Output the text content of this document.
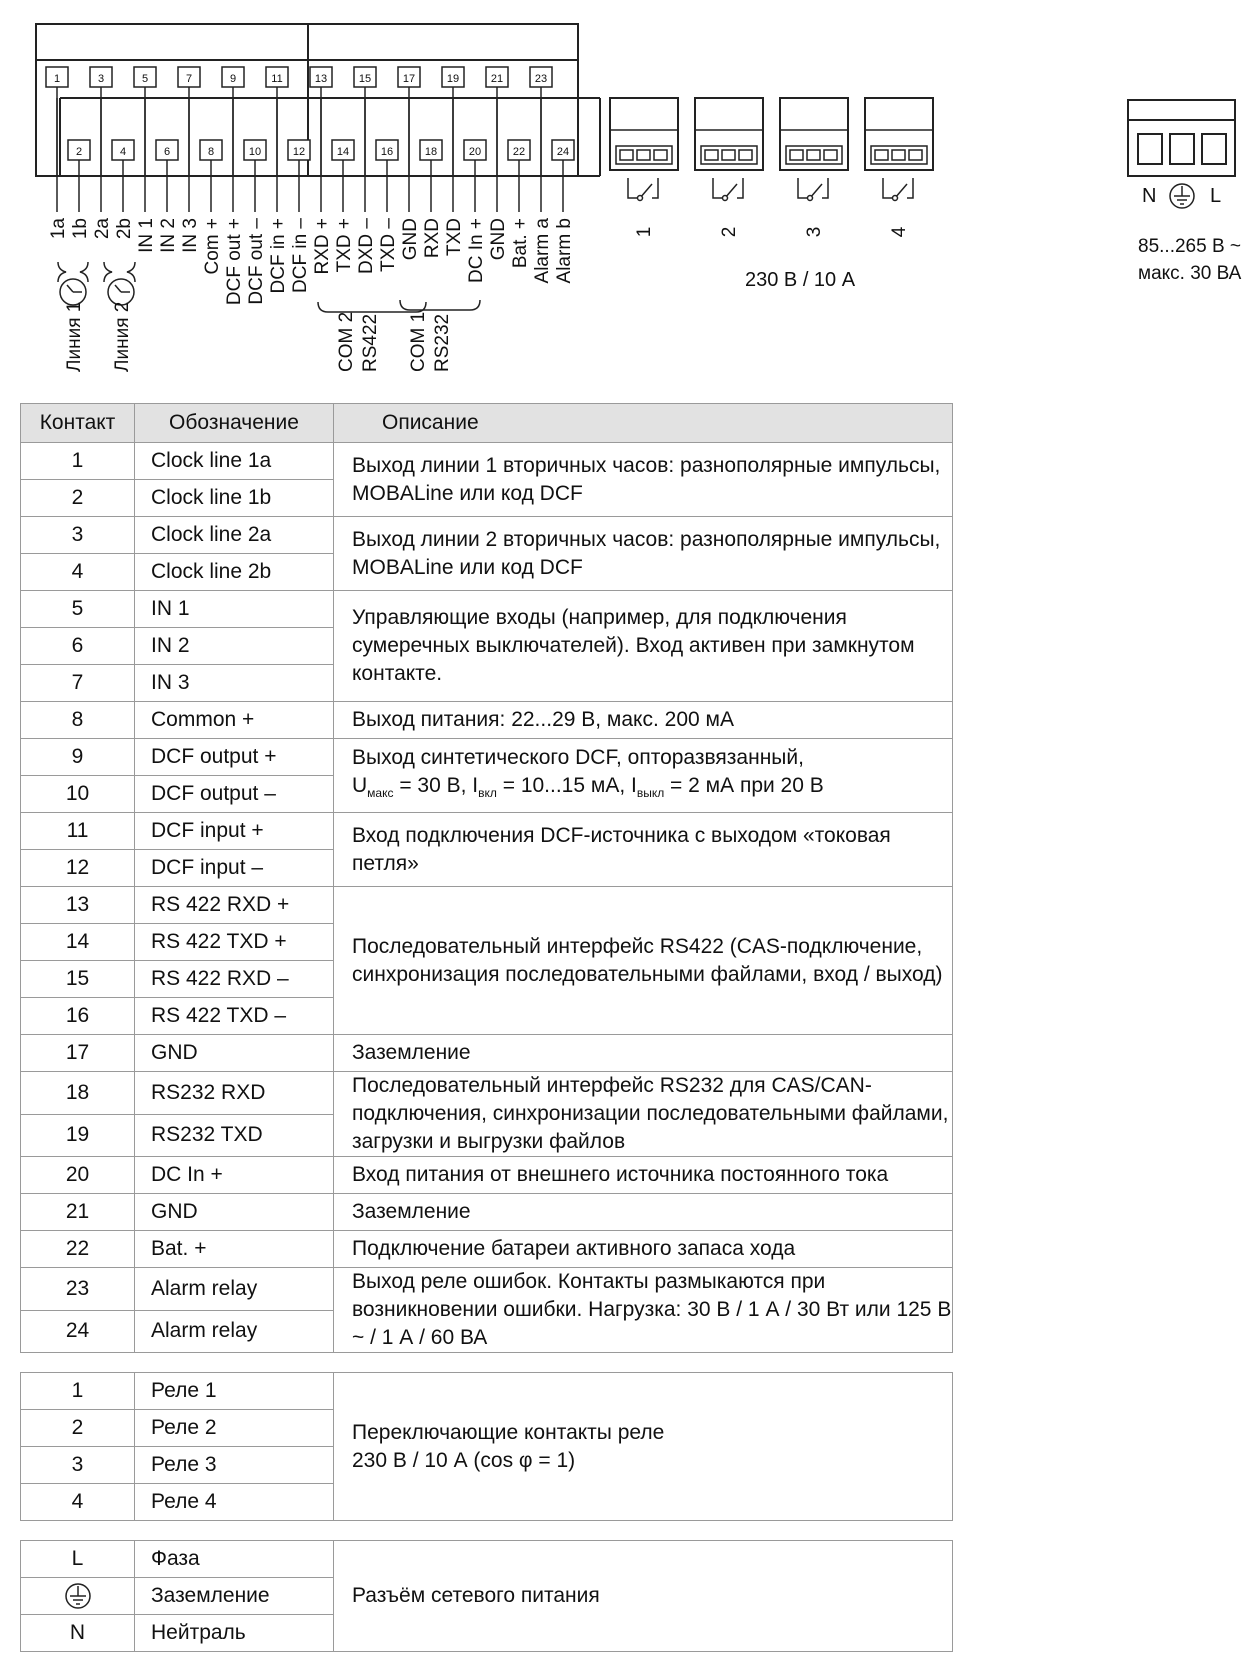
1	3	5	7	9	11	13	15	17	19	21	23
2	4	6	8	10	12	14	16	18	20	22	24
1a 1b 2a 2b IN 1 IN 2 IN 3 Com + DCF out + DCF out – DCF in + DCF in – RXD + TXD + DXD – TXD – GND RXD TXD DC In + GND Bat. + Alarm a Alarm b
Линия 1 Линия 2	COM 2 RS422 COM 1 RS232
1	2	3	4
230 В / 10 А
N	L
85...265 В ~
макс. 30 ВА
Контакт	Обозначение	Описание
1	Clock line 1a	Выход линии 1 вторичных часов: разнополярные импульсы, MOBALine или код DCF
2	Clock line 1b	
3	Clock line 2a	Выход линии 2 вторичных часов: разнополярные импульсы, MOBALine или код DCF
4	Clock line 2b	
5	IN 1	Управляющие входы (например, для подключения сумеречных выключателей). Вход активен при замкнутом контакте.
6	IN 2	
7	IN 3	
8	Common +	Выход питания: 22...29 В, макс. 200 мА
9	DCF output +	Выход синтетического DCF, опторазвязанный,
$U_{макс} = 30$ В, $I_{вкл} = 10...15$ мА, $I_{выкл} = 2$ мА при 20 В
10	DCF output –	
11	DCF input +	Вход подключения DCF-источника с выходом «токовая петля»
12	DCF input –	
13	RS 422 RXD +	Последовательный интерфейс RS422 (CAS-подключение, синхронизация последовательными файлами, вход / выход)
14	RS 422 TXD +	
15	RS 422 RXD –	
16	RS 422 TXD –	
17	GND	Заземление
18	RS232 RXD	Последовательный интерфейс RS232 для CAS/CAN-подключения, синхронизации последовательными файлами, загрузки и выгрузки файлов
19	RS232 TXD	
20	DC In +	Вход питания от внешнего источника постоянного тока
21	GND	Заземление
22	Bat. +	Подключение батареи активного запаса хода
23	Alarm relay	Выход реле ошибок. Контакты размыкаются при возникновении ошибки. Нагрузка: 30 В / 1 А / 30 Вт или 125 В ~ / 1 А / 60 ВА
24	Alarm relay	
1	Реле 1	Переключающие контакты реле
230 В / 10 А (cos φ = 1)
2	Реле 2	
3	Реле 3	
4	Реле 4	
L	Фаза	Разъём сетевого питания
	Заземление	
N	Нейтраль	
